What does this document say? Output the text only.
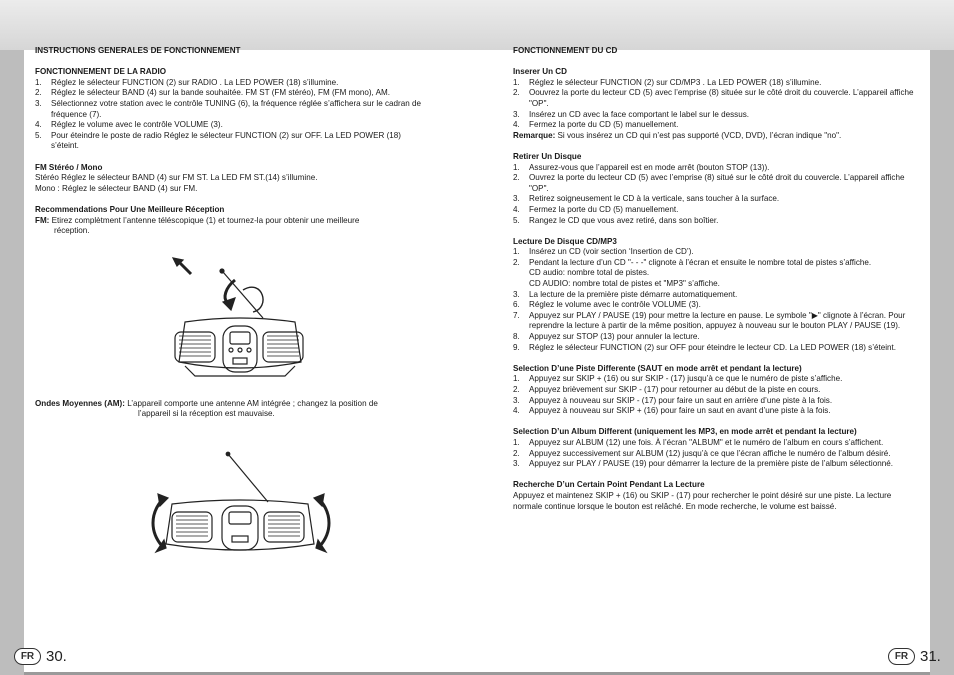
INSTRUCTIONS GENERALES DE FONCTIONNEMENT
FONCTIONNEMENT DE LA RADIO
1. Réglez le sélecteur FUNCTION (2) sur RADIO . La LED POWER (18) s’illumine.
2. Réglez le sélecteur BAND (4) sur la bande souhaitée. FM ST (FM stéréo), FM (FM mono), AM.
3. Sélectionnez votre station avec le contrôle TUNING (6), la fréquence réglée s’affichera sur le cadran de fréquence (7).
4. Réglez le volume avec le contrôle VOLUME (3).
5. Pour éteindre le poste de radio Réglez le sélecteur FUNCTION (2) sur OFF. La LED POWER (18) s’éteint.
FM Stéréo / Mono
Stéréo Réglez le sélecteur BAND (4) sur FM ST. La LED FM ST.(14) s’illumine.
Mono : Réglez le sélecteur BAND (4) sur FM.
Recommendations Pour Une Meilleure Réception
FM: Etirez complètment l’antenne téléscopique (1) et tournez-la pour obtenir une meilleure
réception.
Ondes Moyennes (AM): L’appareil comporte une antenne AM intégrée ; changez la position de
l’appareil si la réception est mauvaise.
FONCTIONNEMENT DU CD
Inserer Un CD
1. Réglez le sélecteur FUNCTION (2) sur CD/MP3 . La LED POWER (18) s’illumine.
2. Oouvrez la porte du lecteur CD (5) avec l’emprise (8) située sur le côté droit du couvercle. L’appareil affiche "OP".
3. Insérez un CD avec la face comportant le label sur le dessus.
4. Fermez la porte du CD (5) manuellement.
Remarque: Si vous insérez un CD qui n’est pas supporté (VCD, DVD), l’écran indique "no".
Retirer Un Disque
1. Assurez-vous que l’appareil est en mode arrêt (bouton STOP (13)).
2. Ouvrez la porte du lecteur CD (5) avec l’emprise (8) situé sur le côté droit du couvercle. L’appareil affiche "OP".
3. Retirez soigneusement le CD à la verticale, sans toucher à la surface.
4. Fermez la porte du CD (5) manuellement.
5. Rangez le CD que vous avez retiré, dans son boîtier.
Lecture De Disque CD/MP3
1. Insérez un CD (voir section ‘Insertion de CD’).
2. Pendant la lecture d’un CD "- - -" clignote à l’écran et ensuite le nombre total de pistes s’affiche.
CD audio: nombre total de pistes.
CD AUDIO: nombre total de pistes et "MP3" s’affiche.
3. La lecture de la première piste démarre automatiquement.
6. Réglez le volume avec le contrôle VOLUME (3).
7. Appuyez sur PLAY / PAUSE (19) pour mettre la lecture en pause. Le symbole "▶" clignote à l’écran. Pour reprendre la lecture à partir de la même position, appuyez à nouveau sur le bouton PLAY / PAUSE (19).
8. Appuyez sur STOP (13) pour annuler la lecture.
9. Réglez le sélecteur FUNCTION (2) sur OFF pour éteindre le lecteur CD. La LED POWER (18) s’éteint.
Selection D’une Piste Differente (SAUT en mode arrêt et pendant la lecture)
1. Appuyez sur SKIP + (16) ou sur SKIP - (17) jusqu’à ce que le numéro de piste s’affiche.
2. Appuyez brièvement sur SKIP - (17) pour retourner au début de la piste en cours.
3. Appuyez à nouveau sur SKIP - (17) pour faire un saut en arrière d’une piste à la fois.
4. Appuyez à nouveau sur SKIP + (16) pour faire un saut en avant d’une piste à la fois.
Selection D’un Album Different (uniquement les MP3, en mode arrêt et pendant la lecture)
1. Appuyez sur ALBUM (12) une fois. À l’écran "ALBUM" et le numéro de l’album en cours s’affichent.
2. Appuyez successivement sur ALBUM (12) jusqu’à ce que l’écran affiche le numéro de l’album désiré.
3. Appuyez sur PLAY / PAUSE (19) pour démarrer la lecture de la première piste de l’album sélectionné.
Recherche D’un Certain Point Pendant La Lecture
Appuyez et maintenez SKIP + (16) ou SKIP - (17) pour rechercher le point désiré sur une piste. La lecture normale continue lorsque le bouton est relâché. En mode recherche, le volume est baissé.
FR 30.	FR 31.
